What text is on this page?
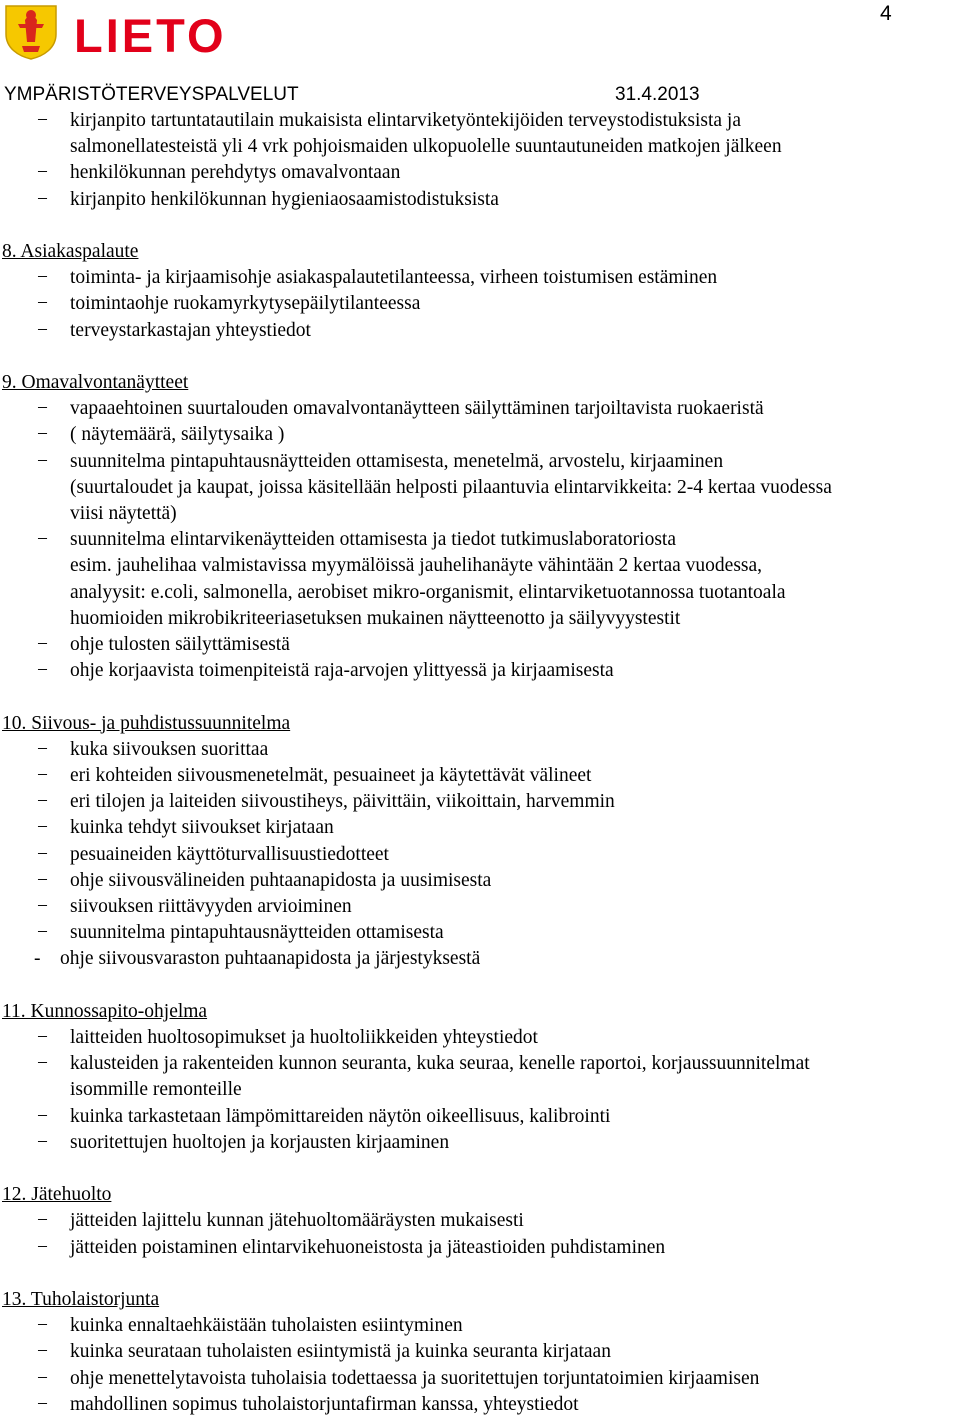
4
LIETO
YMPÄRISTÖTERVEYSPALVELUT	31.4.2013
−	kirjanpito tartuntatautilain mukaisista elintarviketyöntekijöiden terveystodistuksista ja
salmonellatesteistä yli 4 vrk pohjoismaiden ulkopuolelle suuntautuneiden matkojen jälkeen
−	henkilökunnan perehdytys omavalvontaan
−	kirjanpito henkilökunnan hygieniaosaamistodistuksista
8. Asiakaspalaute
−	toiminta- ja kirjaamisohje asiakaspalautetilanteessa, virheen toistumisen estäminen
−	toimintaohje ruokamyrkytysepäilytilanteessa
−	terveystarkastajan yhteystiedot
9. Omavalvontanäytteet
−	vapaaehtoinen suurtalouden omavalvontanäytteen säilyttäminen tarjoiltavista ruokaeristä
−	( näytemäärä, säilytysaika )
−	suunnitelma pintapuhtausnäytteiden ottamisesta, menetelmä, arvostelu, kirjaaminen
(suurtaloudet ja kaupat, joissa käsitellään helposti pilaantuvia elintarvikkeita: 2-4 kertaa vuodessa
viisi näytettä)
−	suunnitelma elintarvikenäytteiden ottamisesta ja tiedot tutkimuslaboratoriosta
esim. jauhelihaa valmistavissa myymälöissä jauhelihanäyte vähintään 2 kertaa vuodessa,
analyysit: e.coli, salmonella, aerobiset mikro-organismit, elintarviketuotannossa tuotantoala
huomioiden mikrobikriteeriasetuksen mukainen näytteenotto ja säilyvyystestit
−	ohje tulosten säilyttämisestä
−	ohje korjaavista toimenpiteistä raja-arvojen ylittyessä ja kirjaamisesta
10. Siivous- ja puhdistussuunnitelma
−	kuka siivouksen suorittaa
−	eri kohteiden siivousmenetelmät, pesuaineet ja käytettävät välineet
−	eri tilojen ja laiteiden siivoustiheys, päivittäin, viikoittain, harvemmin
−	kuinka tehdyt siivoukset kirjataan
−	pesuaineiden käyttöturvallisuustiedotteet
−	ohje siivousvälineiden puhtaanapidosta ja uusimisesta
−	siivouksen riittävyyden arvioiminen
−	suunnitelma pintapuhtausnäytteiden ottamisesta
-	ohje siivousvaraston puhtaanapidosta ja järjestyksestä
11. Kunnossapito-ohjelma
−	laitteiden huoltosopimukset ja huoltoliikkeiden yhteystiedot
−	kalusteiden ja rakenteiden kunnon seuranta, kuka seuraa, kenelle raportoi, korjaussuunnitelmat
isommille remonteille
−	kuinka tarkastetaan lämpömittareiden näytön oikeellisuus, kalibrointi
−	suoritettujen huoltojen ja korjausten kirjaaminen
12. Jätehuolto
−	jätteiden lajittelu kunnan jätehuoltomääräysten mukaisesti
−	jätteiden poistaminen elintarvikehuoneistosta ja jäteastioiden puhdistaminen
13. Tuholaistorjunta
−	kuinka ennaltaehkäistään tuholaisten esiintyminen
−	kuinka seurataan tuholaisten esiintymistä ja kuinka seuranta kirjataan
−	ohje menettelytavoista tuholaisia todettaessa ja suoritettujen torjuntatoimien kirjaamisen
−	mahdollinen sopimus tuholaistorjuntafirman kanssa, yhteystiedot
